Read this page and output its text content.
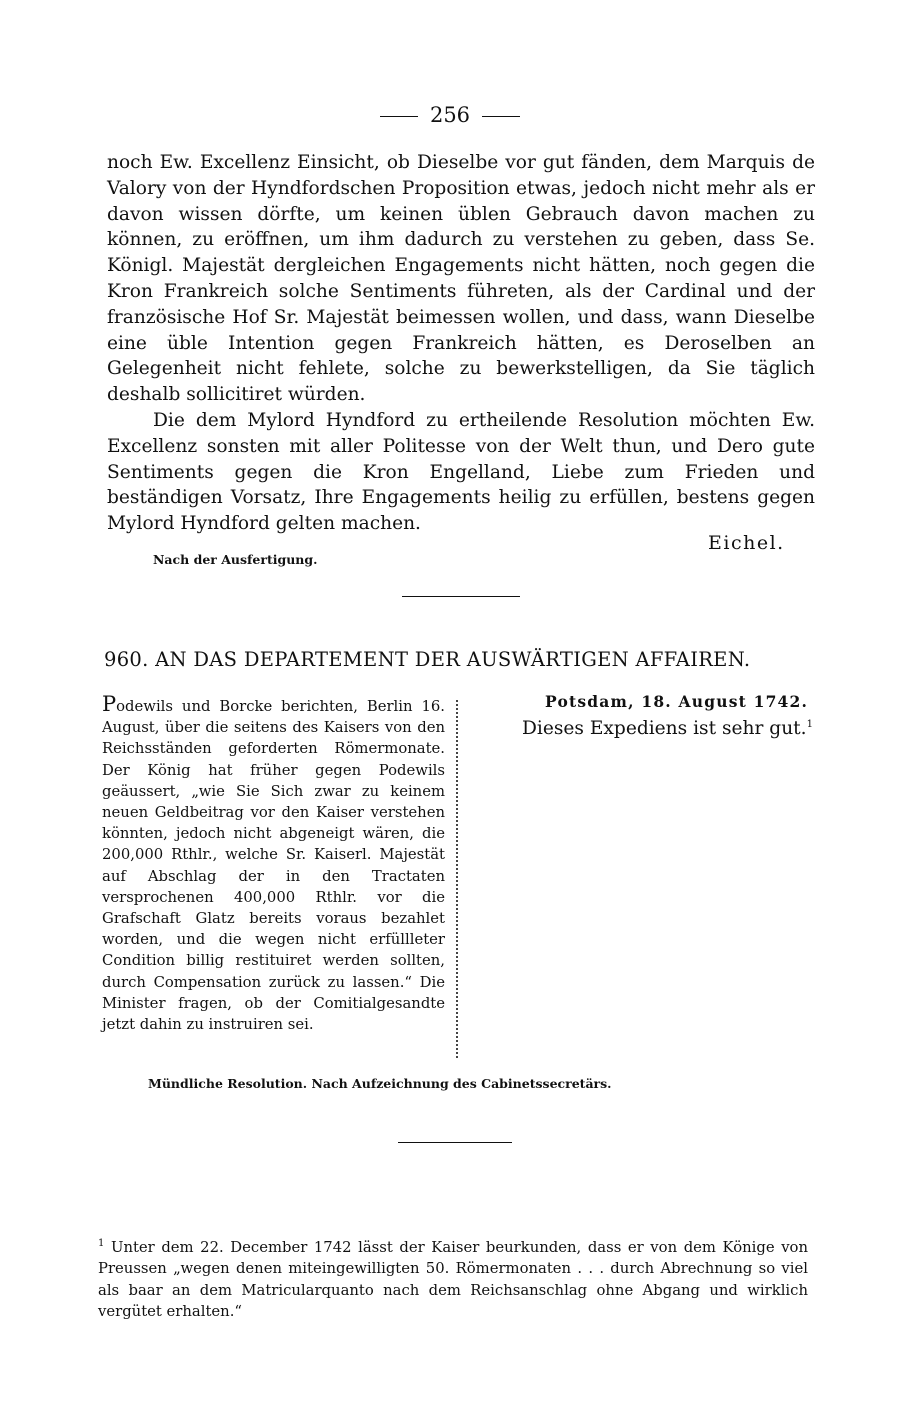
256

noch Ew. Excellenz Einsicht, ob Dieselbe vor gut fänden, dem Marquis de Valory von der Hyndfordschen Proposition etwas, jedoch nicht mehr als er davon wissen dörfte, um keinen üblen Gebrauch davon machen zu können, zu eröffnen, um ihm dadurch zu verstehen zu geben, dass Se. Königl. Majestät dergleichen Engagements nicht hätten, noch gegen die Kron Frankreich solche Sentiments führeten, als der Cardinal und der französische Hof Sr. Majestät beimessen wollen, und dass, wann Dieselbe eine üble Intention gegen Frankreich hätten, es Deroselben an Gelegenheit nicht fehlete, solche zu bewerkstelligen, da Sie täglich deshalb sollicitiret würden.

Die dem Mylord Hyndford zu ertheilende Resolution möchten Ew. Excellenz sonsten mit aller Politesse von der Welt thun, und Dero gute Sentiments gegen die Kron Engelland, Liebe zum Frieden und beständigen Vorsatz, Ihre Engagements heilig zu erfüllen, bestens gegen Mylord Hyndford gelten machen.

Eichel.
Nach der Ausfertigung.
960. AN DAS DEPARTEMENT DER AUSWÄRTIGEN AFFAIREN.
Podewils und Borcke berichten, Berlin 16. August, über die seitens des Kaisers von den Reichsständen geforderten Römermonate. Der König hat früher gegen Podewils geäussert, „wie Sie Sich zwar zu keinem neuen Geldbeitrag vor den Kaiser verstehen könnten, jedoch nicht abgeneigt wären, die 200,000 Rthlr., welche Sr. Kaiserl. Majestät auf Abschlag der in den Tractaten versprochenen 400,000 Rthlr. vor die Grafschaft Glatz bereits voraus bezahlet worden, und die wegen nicht erfüllleter Condition billig restituiret werden sollten, durch Compensation zurück zu lassen.“ Die Minister fragen, ob der Comitialgesandte jetzt dahin zu instruiren sei.
Potsdam, 18. August 1742.
Dieses Expediens ist sehr gut.$^1$
Mündliche Resolution. Nach Aufzeichnung des Cabinetssecretärs.
$^1$ Unter dem 22. December 1742 lässt der Kaiser beurkunden, dass er von dem Könige von Preussen „wegen denen miteingewilligten 50. Römermonaten . . . durch Abrechnung so viel als baar an dem Matricularquanto nach dem Reichsanschlag ohne Abgang und wirklich vergütet erhalten.“
